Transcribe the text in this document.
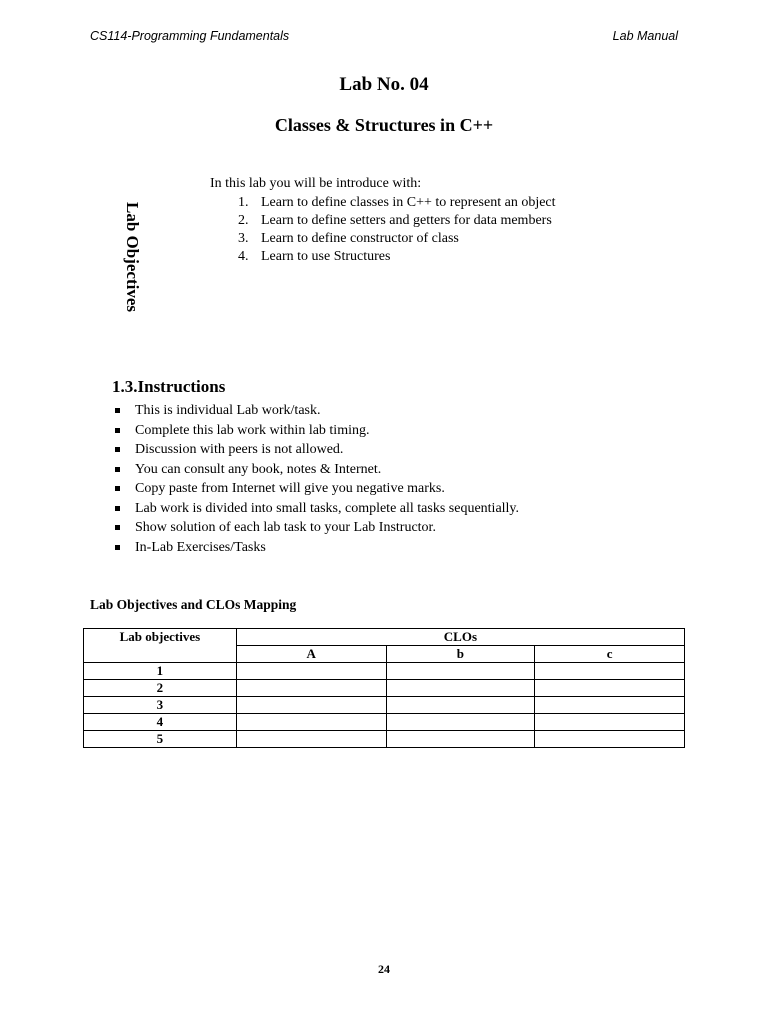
CS114-Programming Fundamentals	Lab Manual
Lab No. 04
Classes & Structures in C++
Lab Objectives
In this lab you will be introduce with:
1. Learn to define classes in C++ to represent an object
2. Learn to define setters and getters for data members
3. Learn to define constructor of class
4. Learn to use Structures
1.3.Instructions
This is individual Lab work/task.
Complete this lab work within lab timing.
Discussion with peers is not allowed.
You can consult any book, notes & Internet.
Copy paste from Internet will give you negative marks.
Lab work is divided into small tasks, complete all tasks sequentially.
Show solution of each lab task to your Lab Instructor.
In-Lab Exercises/Tasks
Lab Objectives and CLOs Mapping
Lab objectives	CLOs		
	A	b	c
1			
2			
3			
4			
5			
24
